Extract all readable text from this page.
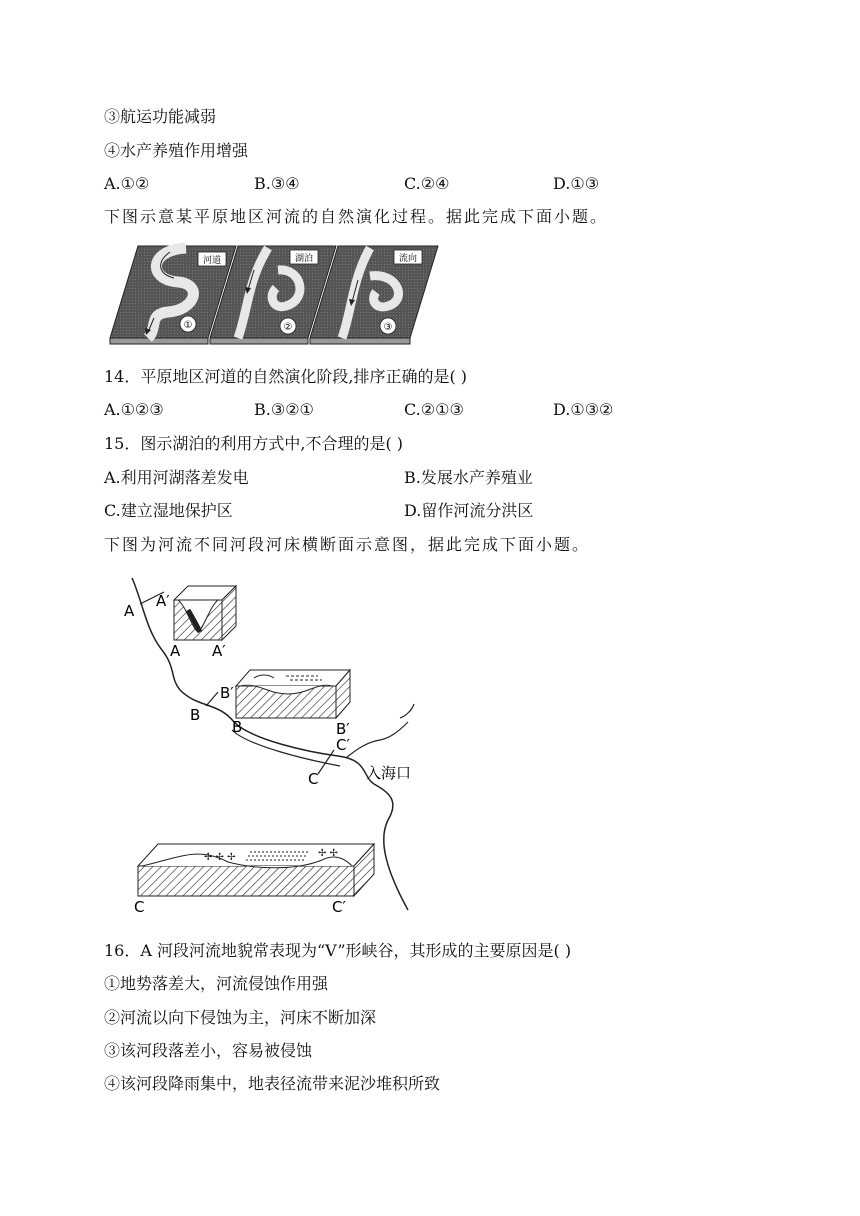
③航运功能减弱
④水产养殖作用增强
A.①②	B.③④	C.②④	D.①③
下图示意某平原地区河流的自然演化过程。据此完成下面小题。
河道
①
湖泊
②
流向
③
14．平原地区河道的自然演化阶段,排序正确的是( )
A.①②③	B.③②①	C.②①③	D.①③②
15．图示湖泊的利用方式中,不合理的是( )
A.利用河湖落差发电	B.发展水产养殖业
C.建立湿地保护区	D.留作河流分洪区
下图为河流不同河段河床横断面示意图，据此完成下面小题。
A
A′
A A′
B
B′
B	B′
C
C′
入海口
✢ ✢ ✢	✢ ✢
C	C′
16．A 河段河流地貌常表现为“V”形峡谷，其形成的主要原因是( )
①地势落差大，河流侵蚀作用强
②河流以向下侵蚀为主，河床不断加深
③该河段落差小，容易被侵蚀
④该河段降雨集中，地表径流带来泥沙堆积所致
